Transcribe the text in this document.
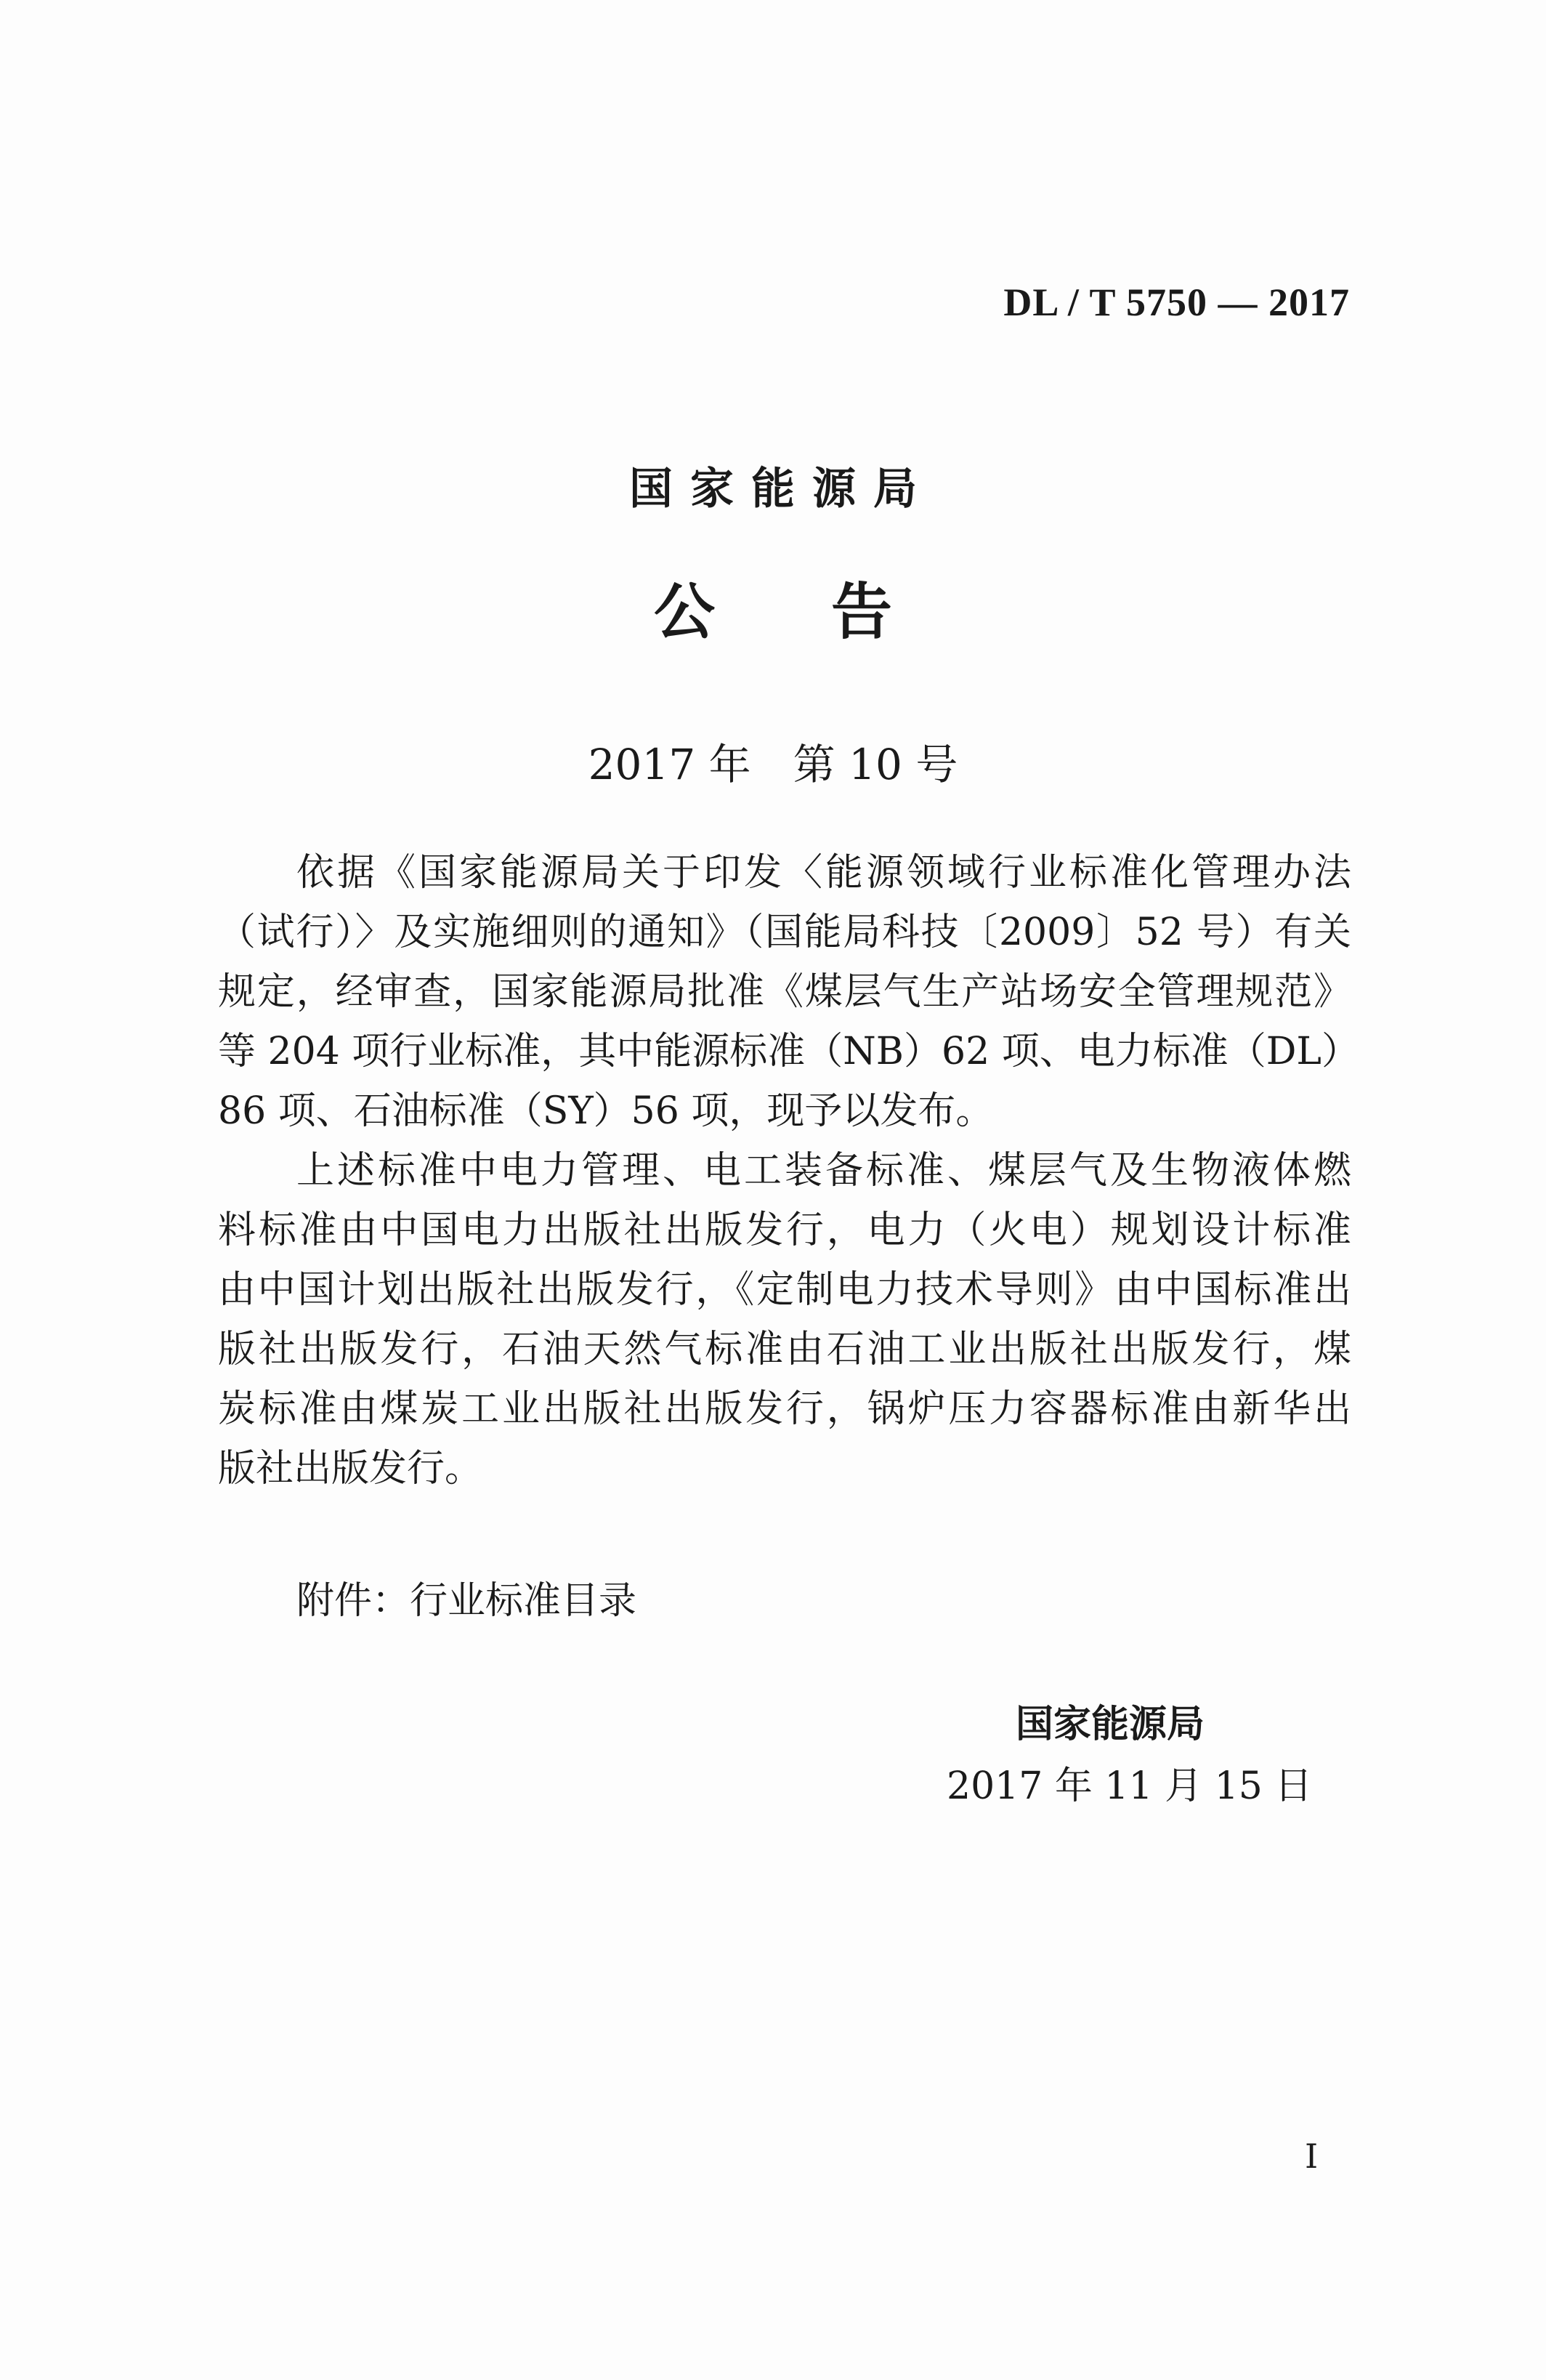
DL / T 5750 — 2017
国家能源局
公告
2017 年　第 10 号
依据《国家能源局关于印发〈能源领域行业标准化管理办法
（试行）〉及实施细则的通知》（国能局科技〔2009〕52 号）有关
规定，经审查，国家能源局批准《煤层气生产站场安全管理规范》
等 204 项行业标准，其中能源标准（NB）62 项、电力标准（DL）
86 项、石油标准（SY）56 项，现予以发布。
上述标准中电力管理、电工装备标准、煤层气及生物液体燃
料标准由中国电力出版社出版发行，电力（火电）规划设计标准
由中国计划出版社出版发行，《定制电力技术导则》由中国标准出
版社出版发行，石油天然气标准由石油工业出版社出版发行，煤
炭标准由煤炭工业出版社出版发行，锅炉压力容器标准由新华出
版社出版发行。
附件：行业标准目录
国家能源局
2017 年 11 月 15 日
I
